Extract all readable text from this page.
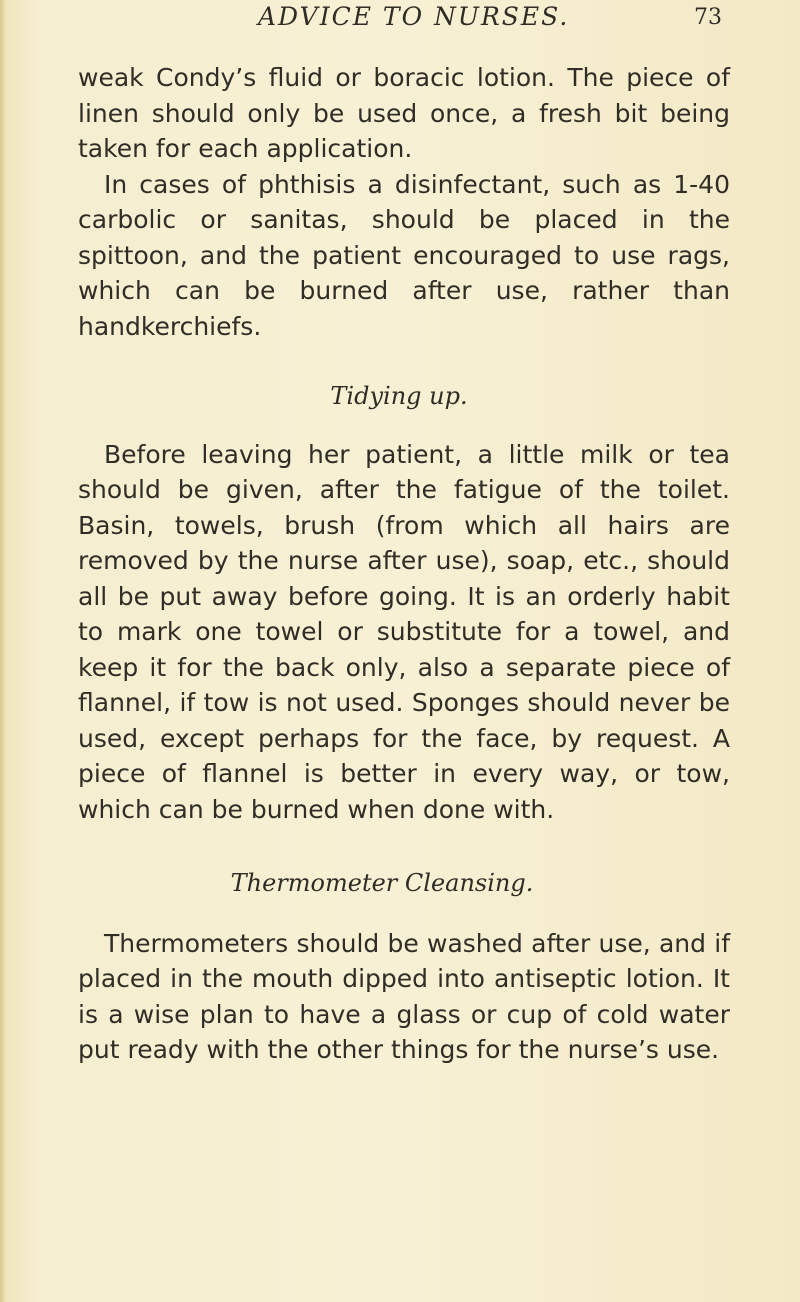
ADVICE TO NURSES.	73

weak Condy’s fluid or boracic lotion. The piece of linen should only be used once, a fresh bit being taken for each application.

In cases of phthisis a disinfectant, such as 1-40 carbolic or sanitas, should be placed in the spittoon, and the patient encouraged to use rags, which can be burned after use, rather than handkerchiefs.

Tidying up.

Before leaving her patient, a little milk or tea should be given, after the fatigue of the toilet. Basin, towels, brush (from which all hairs are removed by the nurse after use), soap, etc., should all be put away before going. It is an orderly habit to mark one towel or substitute for a towel, and keep it for the back only, also a separate piece of flannel, if tow is not used. Sponges should never be used, except perhaps for the face, by request. A piece of flannel is better in every way, or tow, which can be burned when done with.

Thermometer Cleansing.

Thermometers should be washed after use, and if placed in the mouth dipped into antiseptic lotion. It is a wise plan to have a glass or cup of cold water put ready with the other things for the nurse’s use.
